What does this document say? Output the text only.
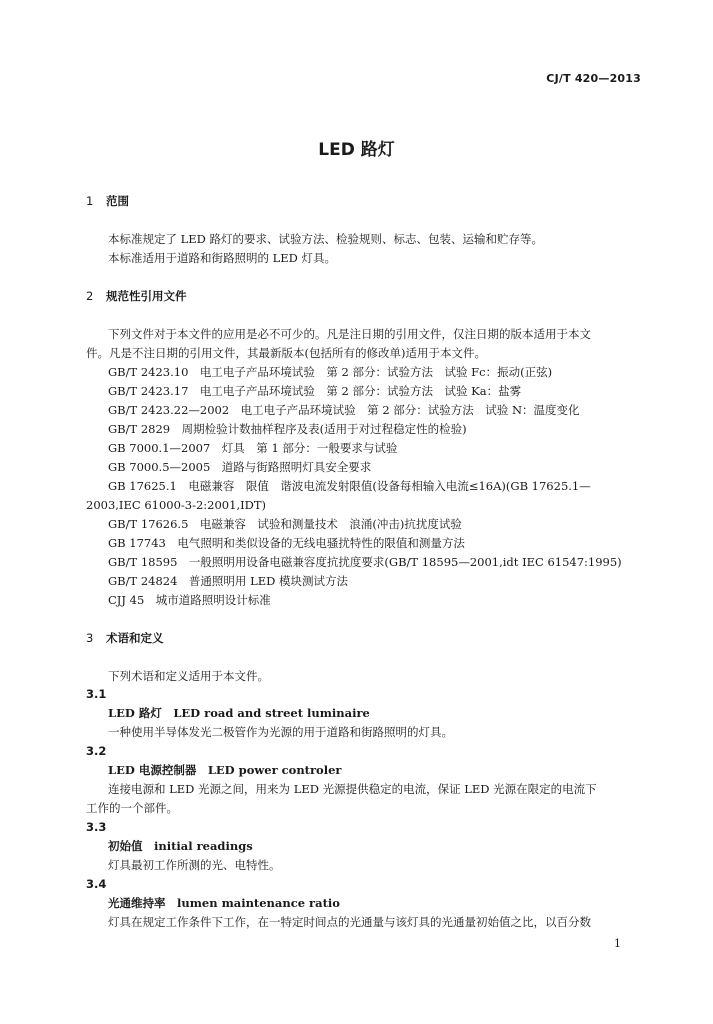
CJ/T 420—2013
LED 路灯
1 范围
本标准规定了 LED 路灯的要求、试验方法、检验规则、标志、包装、运输和贮存等。
本标准适用于道路和街路照明的 LED 灯具。
2 规范性引用文件
下列文件对于本文件的应用是必不可少的。凡是注日期的引用文件，仅注日期的版本适用于本文
件。凡是不注日期的引用文件，其最新版本(包括所有的修改单)适用于本文件。
GB/T 2423.10　电工电子产品环境试验　第 2 部分：试验方法　试验 Fc：振动(正弦)
GB/T 2423.17　电工电子产品环境试验　第 2 部分：试验方法　试验 Ka：盐雾
GB/T 2423.22—2002　电工电子产品环境试验　第 2 部分：试验方法　试验 N：温度变化
GB/T 2829　周期检验计数抽样程序及表(适用于对过程稳定性的检验)
GB 7000.1—2007　灯具　第 1 部分：一般要求与试验
GB 7000.5—2005　道路与街路照明灯具安全要求
GB 17625.1　电磁兼容　限值　谐波电流发射限值(设备每相输入电流≤16A)(GB 17625.1—
2003,IEC 61000-3-2:2001,IDT)
GB/T 17626.5　电磁兼容　试验和测量技术　浪涌(冲击)抗扰度试验
GB 17743　电气照明和类似设备的无线电骚扰特性的限值和测量方法
GB/T 18595　一般照明用设备电磁兼容度抗扰度要求(GB/T 18595—2001,idt IEC 61547:1995)
GB/T 24824　普通照明用 LED 模块测试方法
CJJ 45　城市道路照明设计标准
3 术语和定义
下列术语和定义适用于本文件。
3.1
LED 路灯　LED road and street luminaire
一种使用半导体发光二极管作为光源的用于道路和街路照明的灯具。
3.2
LED 电源控制器　LED power controler
连接电源和 LED 光源之间，用来为 LED 光源提供稳定的电流，保证 LED 光源在限定的电流下
工作的一个部件。
3.3
初始值　initial readings
灯具最初工作所测的光、电特性。
3.4
光通维持率　lumen maintenance ratio
灯具在规定工作条件下工作，在一特定时间点的光通量与该灯具的光通量初始值之比，以百分数
1
